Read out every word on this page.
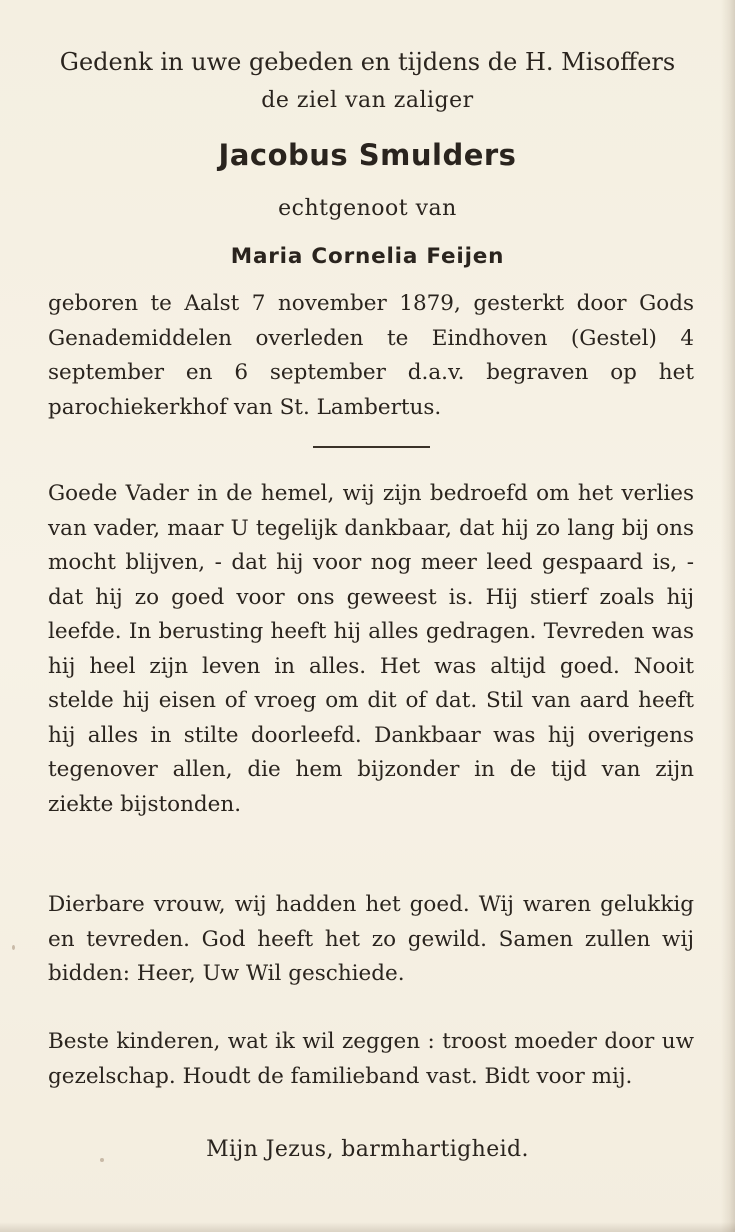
Gedenk in uwe gebeden en tijdens de H. Misoffers
de ziel van zaliger
Jacobus Smulders
echtgenoot van
Maria Cornelia Feijen
geboren te Aalst 7 november 1879, gesterkt door Gods Genademiddelen overleden te Eindhoven (Gestel) 4 september en 6 september d.a.v. begraven op het parochiekerkhof van St. Lambertus.
Goede Vader in de hemel, wij zijn bedroefd om het verlies van vader, maar U tegelijk dankbaar, dat hij zo lang bij ons mocht blijven, - dat hij voor nog meer leed gespaard is, - dat hij zo goed voor ons geweest is. Hij stierf zoals hij leefde. In berusting heeft hij alles gedragen. Tevreden was hij heel zijn leven in alles. Het was altijd goed. Nooit stelde hij eisen of vroeg om dit of dat. Stil van aard heeft hij alles in stilte doorleefd. Dankbaar was hij overigens tegenover allen, die hem bijzonder in de tijd van zijn ziekte bijstonden.
Dierbare vrouw, wij hadden het goed. Wij waren gelukkig en tevreden. God heeft het zo gewild. Samen zullen wij bidden: Heer, Uw Wil geschiede.
Beste kinderen, wat ik wil zeggen : troost moeder door uw gezelschap. Houdt de familieband vast. Bidt voor mij.
Mijn Jezus, barmhartigheid.
